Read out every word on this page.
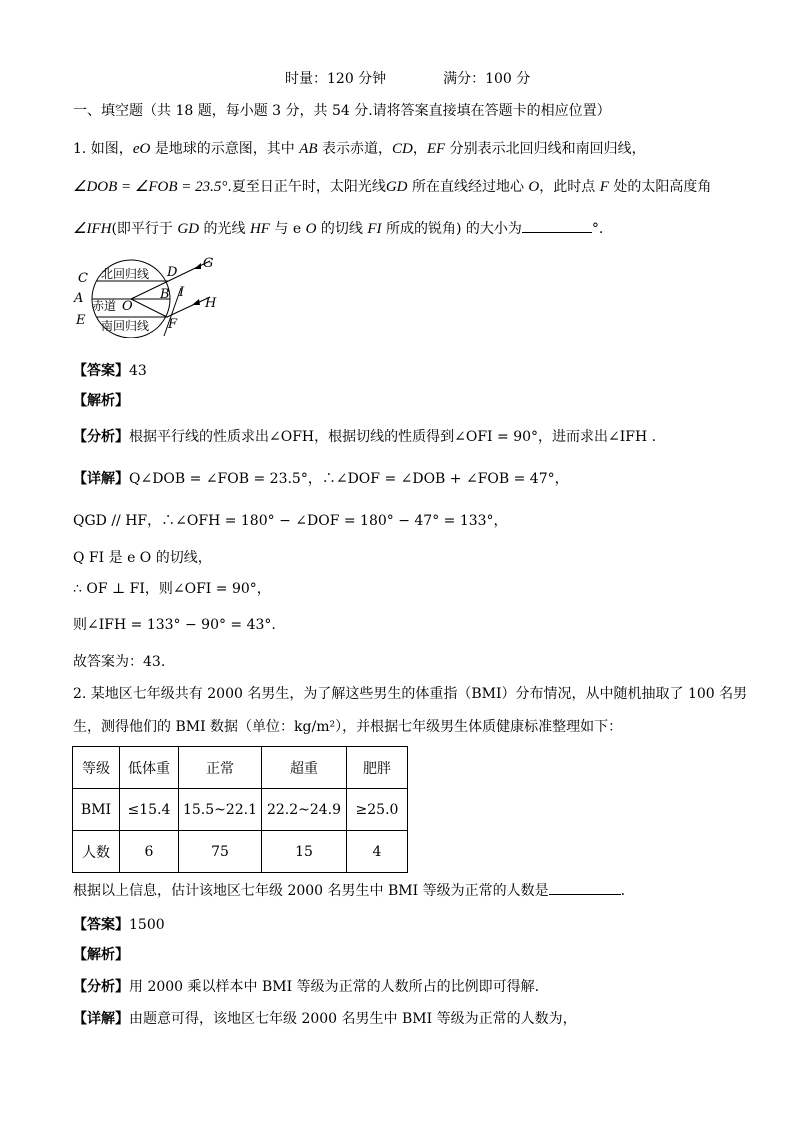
时量：120 分钟	满分：100 分
一、填空题（共 18 题，每小题 3 分，共 54 分.请将答案直接填在答题卡的相应位置）
1. 如图，eO 是地球的示意图，其中 AB 表示赤道，CD，EF 分别表示北回归线和南回归线，
∠DOB = ∠FOB = 23.5°.夏至日正午时，太阳光线GD 所在直线经过地心 O，此时点 F 处的太阳高度角
∠IFH(即平行于 GD 的光线 HF 与 e O 的切线 FI 所成的锐角) 的大小为	°.
北回归线
赤道
南回归线
C
A
E
D
G
B
O
I
H
F
【答案】43
【解析】
【分析】根据平行线的性质求出∠OFH，根据切线的性质得到∠OFI = 90°，进而求出∠IFH .
【详解】Q∠DOB = ∠FOB = 23.5°，∴∠DOF = ∠DOB + ∠FOB = 47°，
QGD // HF，∴∠OFH = 180° − ∠DOF = 180° − 47° = 133°，
Q FI 是 e O 的切线，
∴ OF ⊥ FI，则∠OFI = 90°，
则∠IFH = 133° − 90° = 43°.
故答案为：43.
2. 某地区七年级共有 2000 名男生，为了解这些男生的体重指（BMI）分布情况，从中随机抽取了 100 名男
生，测得他们的 BMI 数据（单位：kg/m²），并根据七年级男生体质健康标准整理如下：
等级	低体重	正常	超重	肥胖
BMI	≤15.4	15.5~22.1	22.2~24.9	≥25.0
人数	6	75	15	4
根据以上信息，估计该地区七年级 2000 名男生中 BMI 等级为正常的人数是	.
【答案】1500
【解析】
【分析】用 2000 乘以样本中 BMI 等级为正常的人数所占的比例即可得解.
【详解】由题意可得，该地区七年级 2000 名男生中 BMI 等级为正常的人数为，
